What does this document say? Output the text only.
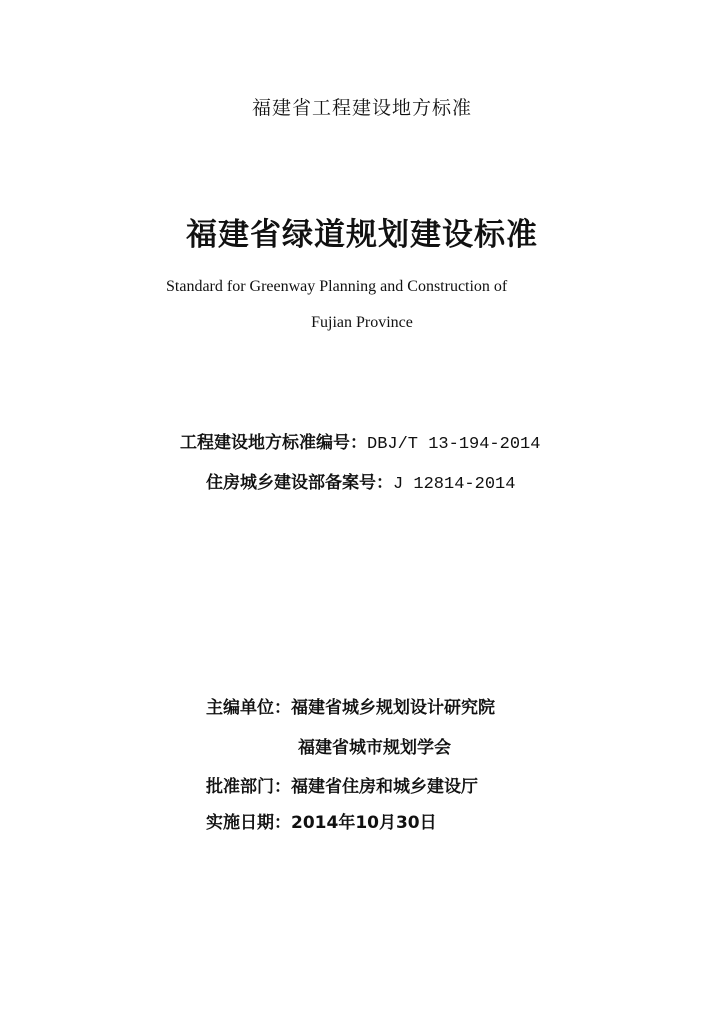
福建省工程建设地方标准
福建省绿道规划建设标准
Standard for Greenway Planning and Construction of
Fujian Province
工程建设地方标准编号：DBJ/T 13-194-2014
住房城乡建设部备案号：J 12814-2014
主编单位：福建省城乡规划设计研究院
福建省城市规划学会
批准部门：福建省住房和城乡建设厅
实施日期：2014年10月30日
